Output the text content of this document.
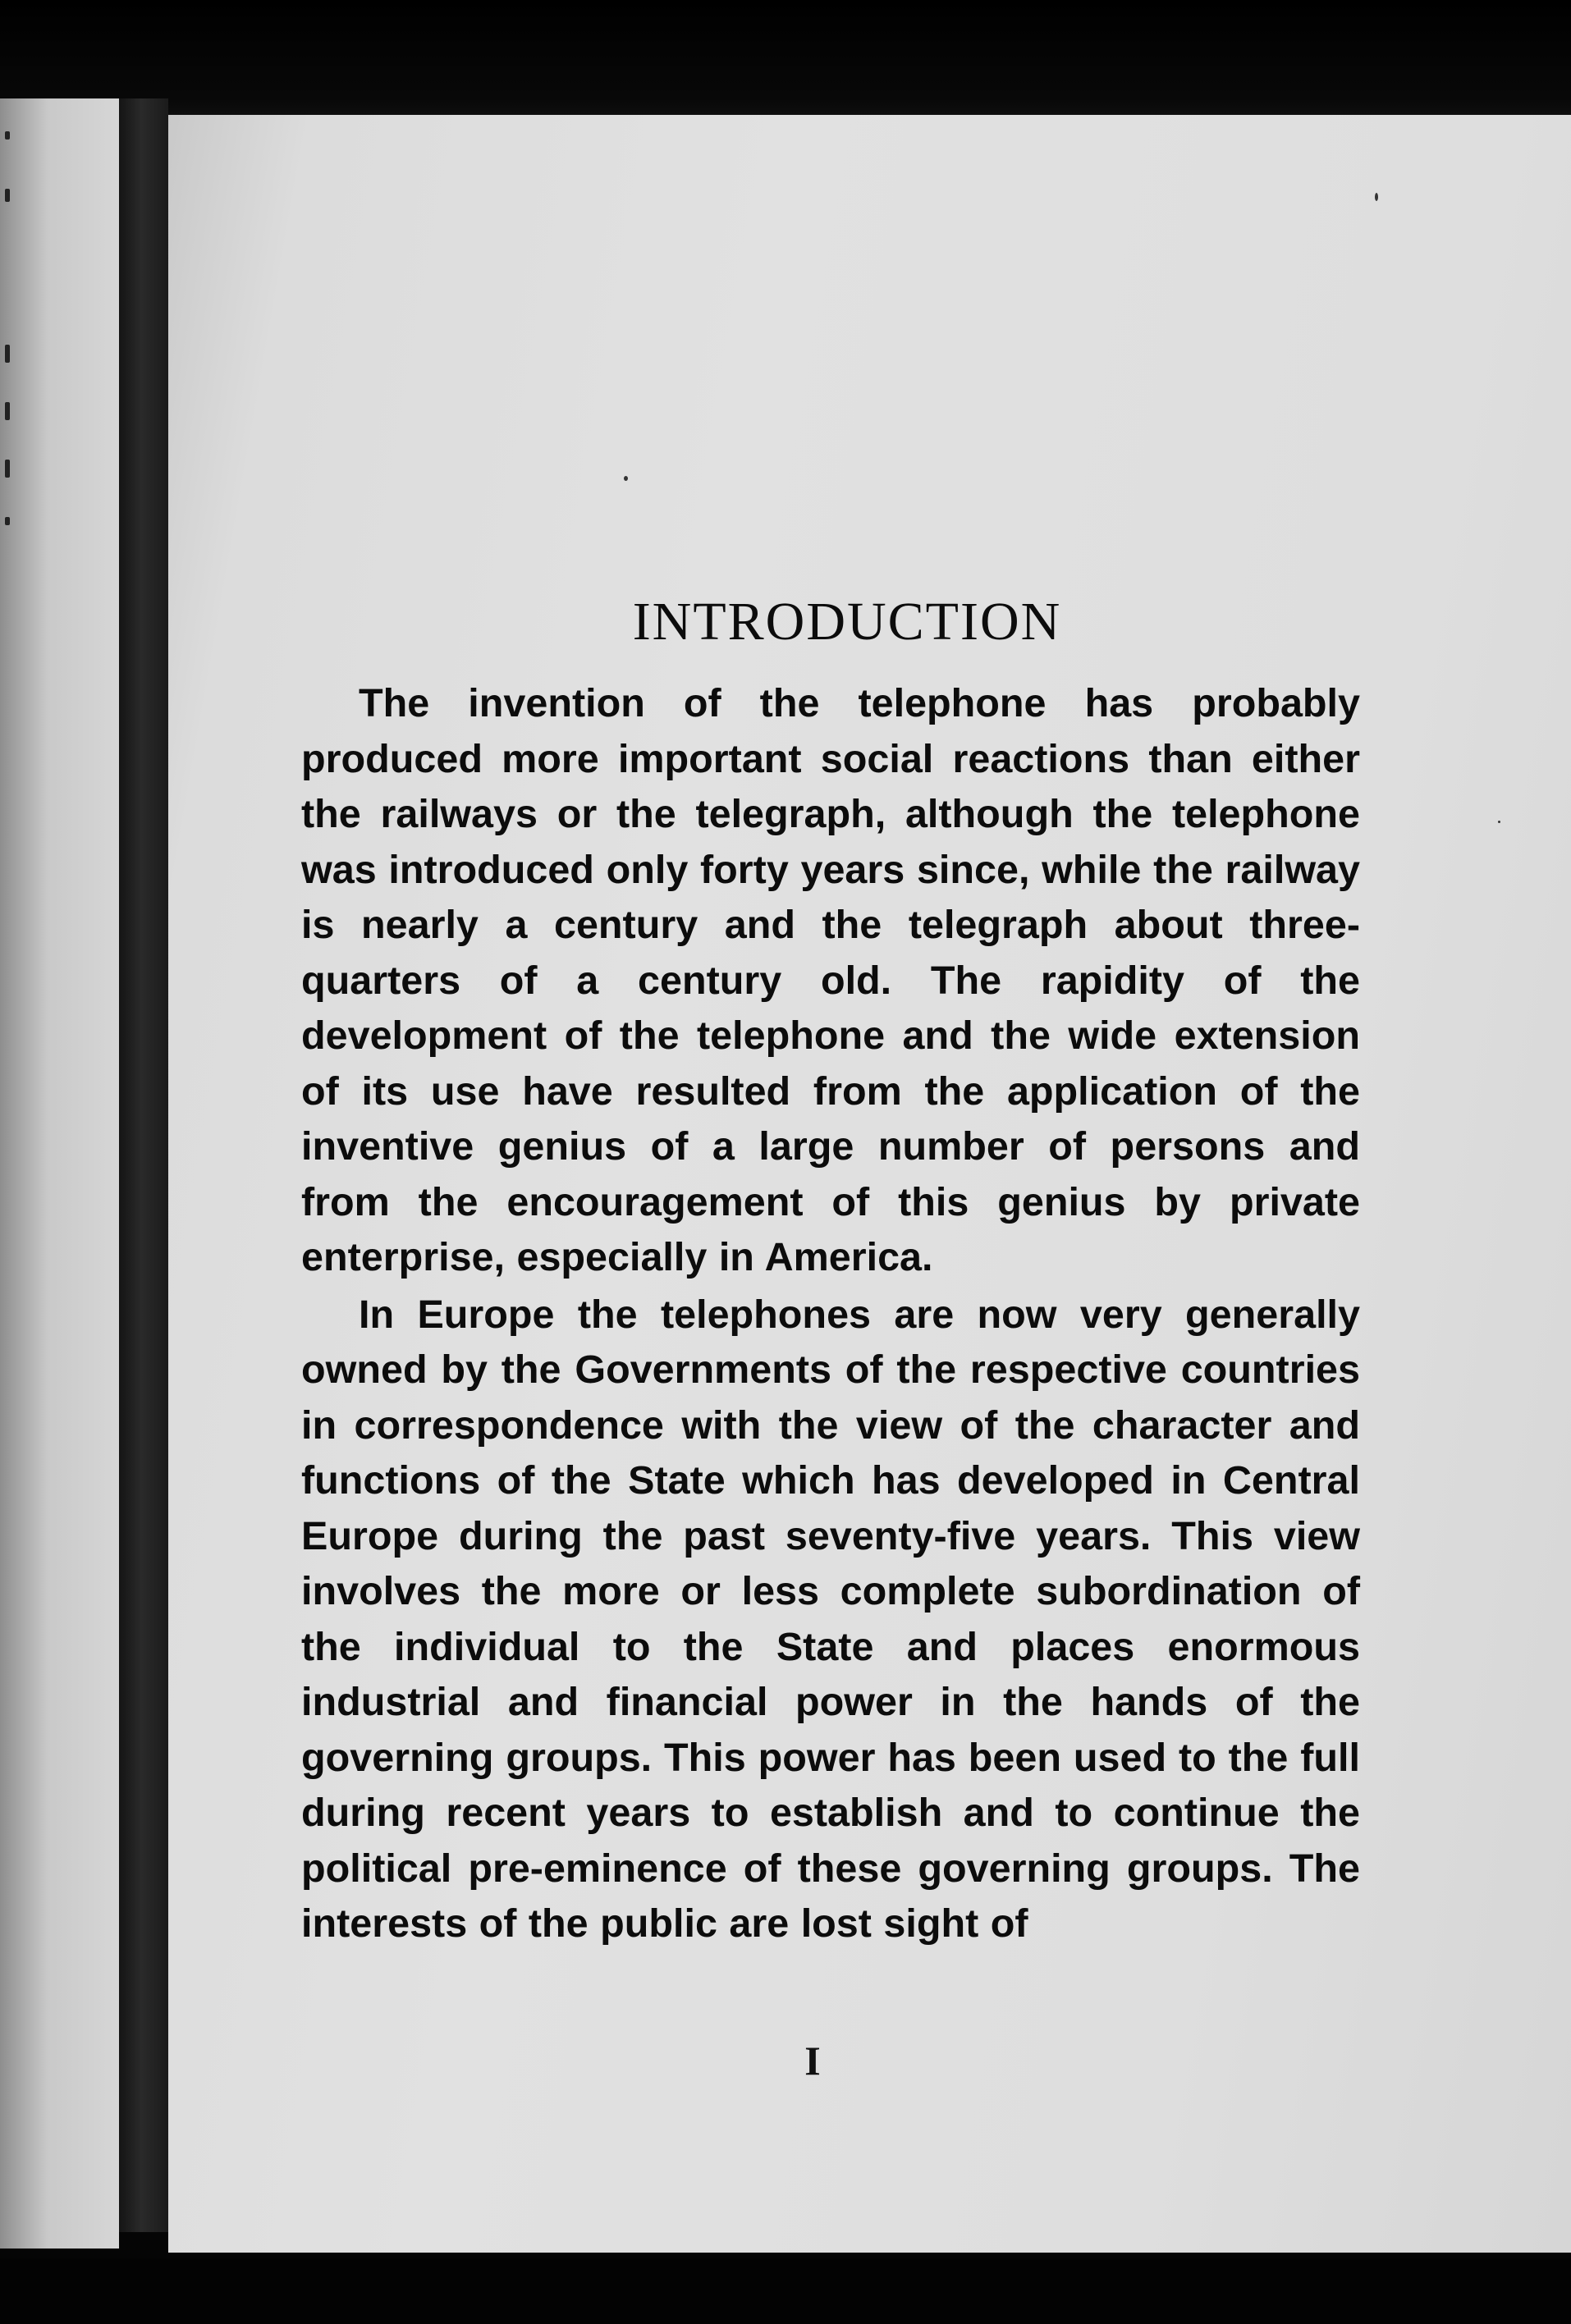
INTRODUCTION

The invention of the telephone has probably produced more important social reactions than either the railways or the telegraph, although the telephone was introduced only forty years since, while the railway is nearly a century and the telegraph about three-quarters of a century old. The rapidity of the development of the telephone and the wide extension of its use have resulted from the application of the inventive genius of a large number of persons and from the encouragement of this genius by private enterprise, especially in America.

In Europe the telephones are now very generally owned by the Governments of the respective countries in correspondence with the view of the character and functions of the State which has developed in Central Europe during the past seventy-five years. This view involves the more or less complete subordination of the individual to the State and places enormous industrial and financial power in the hands of the governing groups. This power has been used to the full during recent years to establish and to continue the political pre-eminence of these governing groups. The interests of the public are lost sight of

I
